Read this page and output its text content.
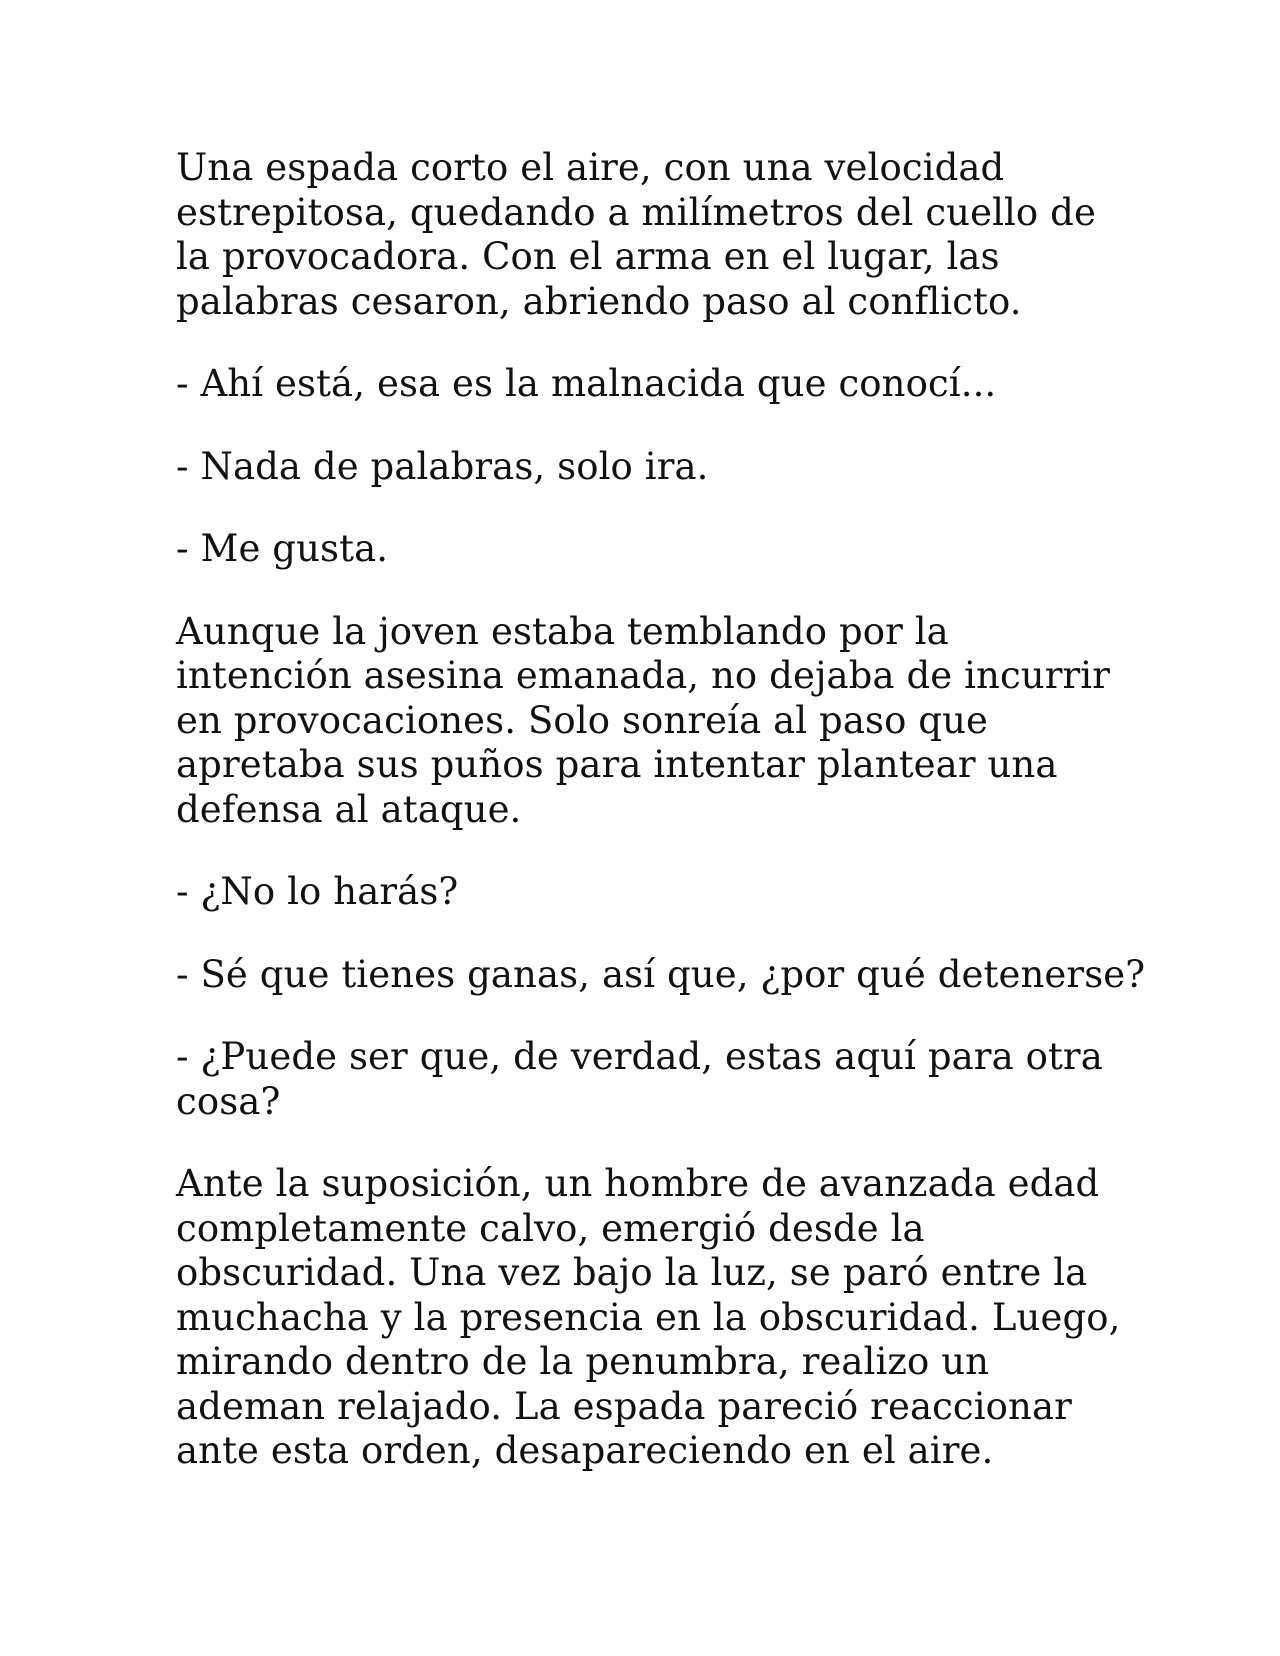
Una espada corto el aire, con una velocidad
estrepitosa, quedando a milímetros del cuello de
la provocadora. Con el arma en el lugar, las
palabras cesaron, abriendo paso al conflicto.

- Ahí está, esa es la malnacida que conocí...

- Nada de palabras, solo ira.

- Me gusta.

Aunque la joven estaba temblando por la
intención asesina emanada, no dejaba de incurrir
en provocaciones. Solo sonreía al paso que
apretaba sus puños para intentar plantear una
defensa al ataque.

- ¿No lo harás?

- Sé que tienes ganas, así que, ¿por qué detenerse?

- ¿Puede ser que, de verdad, estas aquí para otra
cosa?

Ante la suposición, un hombre de avanzada edad
completamente calvo, emergió desde la
obscuridad. Una vez bajo la luz, se paró entre la
muchacha y la presencia en la obscuridad. Luego,
mirando dentro de la penumbra, realizo un
ademan relajado. La espada pareció reaccionar
ante esta orden, desapareciendo en el aire.
